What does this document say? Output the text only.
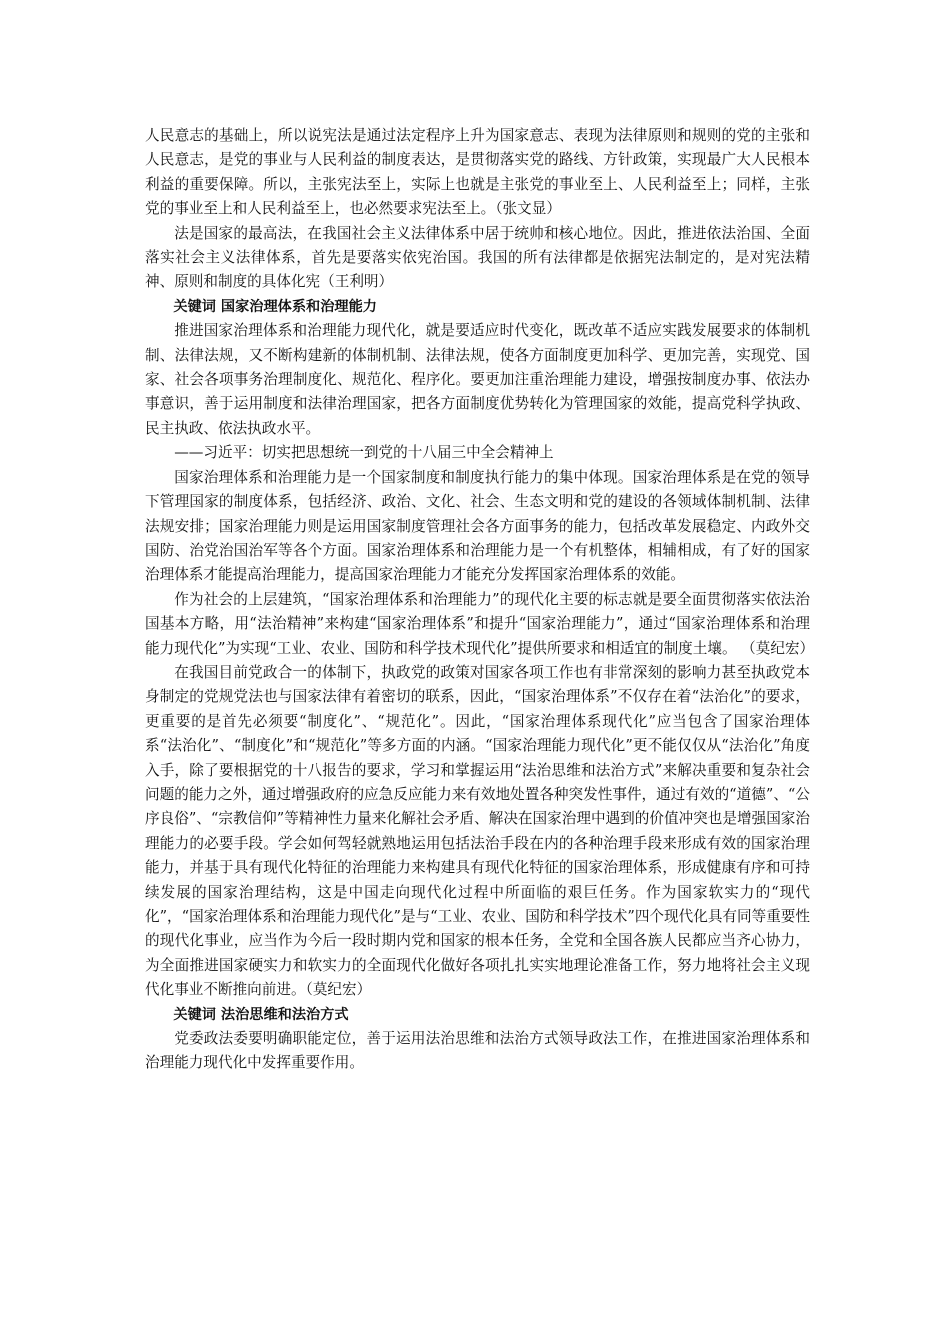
人民意志的基础上，所以说宪法是通过法定程序上升为国家意志、表现为法律原则和规则的党的主张和人民意志，是党的事业与人民利益的制度表达，是贯彻落实党的路线、方针政策，实现最广大人民根本利益的重要保障。所以，主张宪法至上，实际上也就是主张党的事业至上、人民利益至上；同样，主张党的事业至上和人民利益至上，也必然要求宪法至上。（张文显）

法是国家的最高法，在我国社会主义法律体系中居于统帅和核心地位。因此，推进依法治国、全面落实社会主义法律体系，首先是要落实依宪治国。我国的所有法律都是依据宪法制定的，是对宪法精神、原则和制度的具体化宪（王利明）

关键词 国家治理体系和治理能力

推进国家治理体系和治理能力现代化，就是要适应时代变化，既改革不适应实践发展要求的体制机制、法律法规，又不断构建新的体制机制、法律法规，使各方面制度更加科学、更加完善，实现党、国家、社会各项事务治理制度化、规范化、程序化。要更加注重治理能力建设，增强按制度办事、依法办事意识，善于运用制度和法律治理国家，把各方面制度优势转化为管理国家的效能，提高党科学执政、民主执政、依法执政水平。

——习近平：切实把思想统一到党的十八届三中全会精神上

国家治理体系和治理能力是一个国家制度和制度执行能力的集中体现。国家治理体系是在党的领导下管理国家的制度体系，包括经济、政治、文化、社会、生态文明和党的建设的各领域体制机制、法律法规安排；国家治理能力则是运用国家制度管理社会各方面事务的能力，包括改革发展稳定、内政外交国防、治党治国治军等各个方面。国家治理体系和治理能力是一个有机整体，相辅相成，有了好的国家治理体系才能提高治理能力，提高国家治理能力才能充分发挥国家治理体系的效能。

作为社会的上层建筑，“国家治理体系和治理能力”的现代化主要的标志就是要全面贯彻落实依法治国基本方略，用“法治精神”来构建“国家治理体系”和提升“国家治理能力”，通过“国家治理体系和治理能力现代化”为实现“工业、农业、国防和科学技术现代化”提供所要求和相适宜的制度土壤。 （莫纪宏）

在我国目前党政合一的体制下，执政党的政策对国家各项工作也有非常深刻的影响力甚至执政党本身制定的党规党法也与国家法律有着密切的联系，因此，“国家治理体系”不仅存在着“法治化”的要求，更重要的是首先必须要“制度化”、“规范化”。因此，“国家治理体系现代化”应当包含了国家治理体系“法治化”、“制度化”和“规范化”等多方面的内涵。“国家治理能力现代化”更不能仅仅从“法治化”角度入手，除了要根据党的十八报告的要求，学习和掌握运用“法治思维和法治方式”来解决重要和复杂社会问题的能力之外，通过增强政府的应急反应能力来有效地处置各种突发性事件，通过有效的“道德”、“公序良俗”、“宗教信仰”等精神性力量来化解社会矛盾、解决在国家治理中遇到的价值冲突也是增强国家治理能力的必要手段。学会如何驾轻就熟地运用包括法治手段在内的各种治理手段来形成有效的国家治理能力，并基于具有现代化特征的治理能力来构建具有现代化特征的国家治理体系，形成健康有序和可持续发展的国家治理结构，这是中国走向现代化过程中所面临的艰巨任务。作为国家软实力的“现代化”，“国家治理体系和治理能力现代化”是与“工业、农业、国防和科学技术”四个现代化具有同等重要性的现代化事业，应当作为今后一段时期内党和国家的根本任务，全党和全国各族人民都应当齐心协力，为全面推进国家硬实力和软实力的全面现代化做好各项扎扎实实地理论准备工作，努力地将社会主义现代化事业不断推向前进。（莫纪宏）

关键词 法治思维和法治方式

党委政法委要明确职能定位，善于运用法治思维和法治方式领导政法工作，在推进国家治理体系和治理能力现代化中发挥重要作用。
